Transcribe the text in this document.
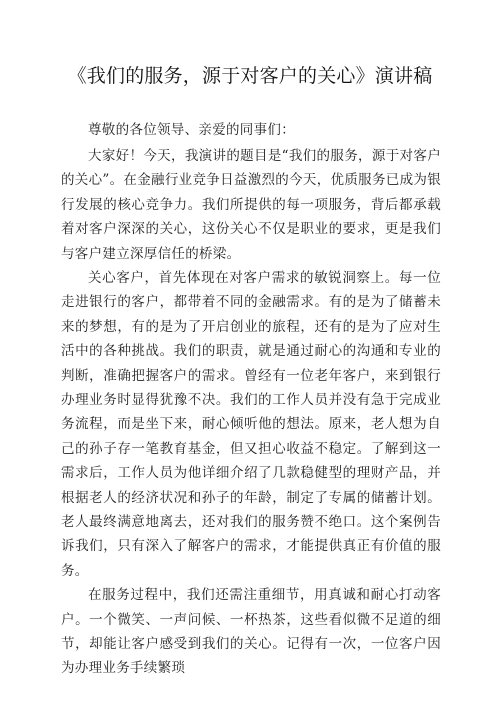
《我们的服务，源于对客户的关心》演讲稿

尊敬的各位领导、亲爱的同事们：

大家好！今天，我演讲的题目是“我们的服务，源于对客户的关心”。在金融行业竞争日益激烈的今天，优质服务已成为银行发展的核心竞争力。我们所提供的每一项服务，背后都承载着对客户深深的关心，这份关心不仅是职业的要求，更是我们与客户建立深厚信任的桥梁。

关心客户，首先体现在对客户需求的敏锐洞察上。每一位走进银行的客户，都带着不同的金融需求。有的是为了储蓄未来的梦想，有的是为了开启创业的旅程，还有的是为了应对生活中的各种挑战。我们的职责，就是通过耐心的沟通和专业的判断，准确把握客户的需求。曾经有一位老年客户，来到银行办理业务时显得犹豫不决。我们的工作人员并没有急于完成业务流程，而是坐下来，耐心倾听他的想法。原来，老人想为自己的孙子存一笔教育基金，但又担心收益不稳定。了解到这一需求后，工作人员为他详细介绍了几款稳健型的理财产品，并根据老人的经济状况和孙子的年龄，制定了专属的储蓄计划。老人最终满意地离去，还对我们的服务赞不绝口。这个案例告诉我们，只有深入了解客户的需求，才能提供真正有价值的服务。

在服务过程中，我们还需注重细节，用真诚和耐心打动客户。一个微笑、一声问候、一杯热茶，这些看似微不足道的细节，却能让客户感受到我们的关心。记得有一次，一位客户因为办理业务手续繁琐
